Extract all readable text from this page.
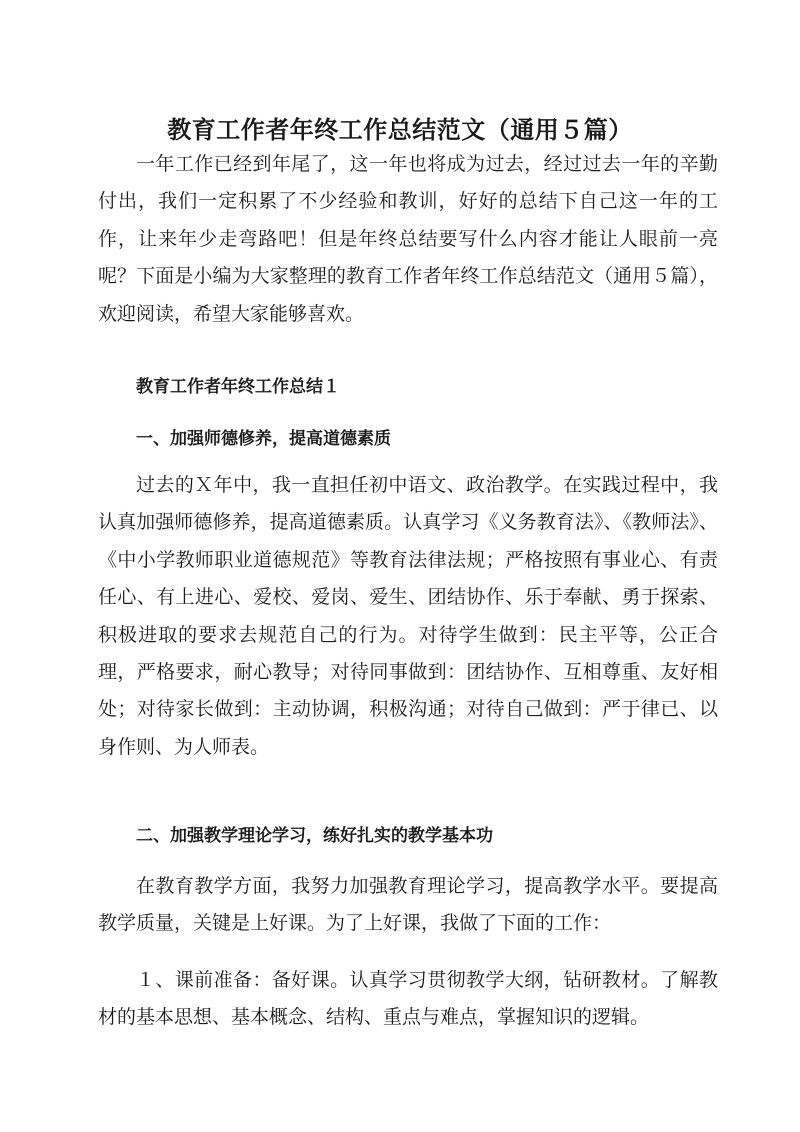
教育工作者年终工作总结范文（通用５篇）

一年工作已经到年尾了，这一年也将成为过去，经过过去一年的辛勤付出，我们一定积累了不少经验和教训，好好的总结下自己这一年的工作，让来年少走弯路吧！但是年终总结要写什么内容才能让人眼前一亮呢？下面是小编为大家整理的教育工作者年终工作总结范文（通用５篇），欢迎阅读，希望大家能够喜欢。

教育工作者年终工作总结１
一、加强师德修养，提高道德素质

过去的Ｘ年中，我一直担任初中语文、政治教学。在实践过程中，我认真加强师德修养，提高道德素质。认真学习《义务教育法》、《教师法》、《中小学教师职业道德规范》等教育法律法规；严格按照有事业心、有责任心、有上进心、爱校、爱岗、爱生、团结协作、乐于奉献、勇于探索、积极进取的要求去规范自己的行为。对待学生做到：民主平等，公正合理，严格要求，耐心教导；对待同事做到：团结协作、互相尊重、友好相处；对待家长做到：主动协调，积极沟通；对待自己做到：严于律已、以身作则、为人师表。

二、加强教学理论学习，练好扎实的教学基本功

在教育教学方面，我努力加强教育理论学习，提高教学水平。要提高教学质量，关键是上好课。为了上好课，我做了下面的工作：

１、课前准备：备好课。认真学习贯彻教学大纲，钻研教材。了解教材的基本思想、基本概念、结构、重点与难点，掌握知识的逻辑。
